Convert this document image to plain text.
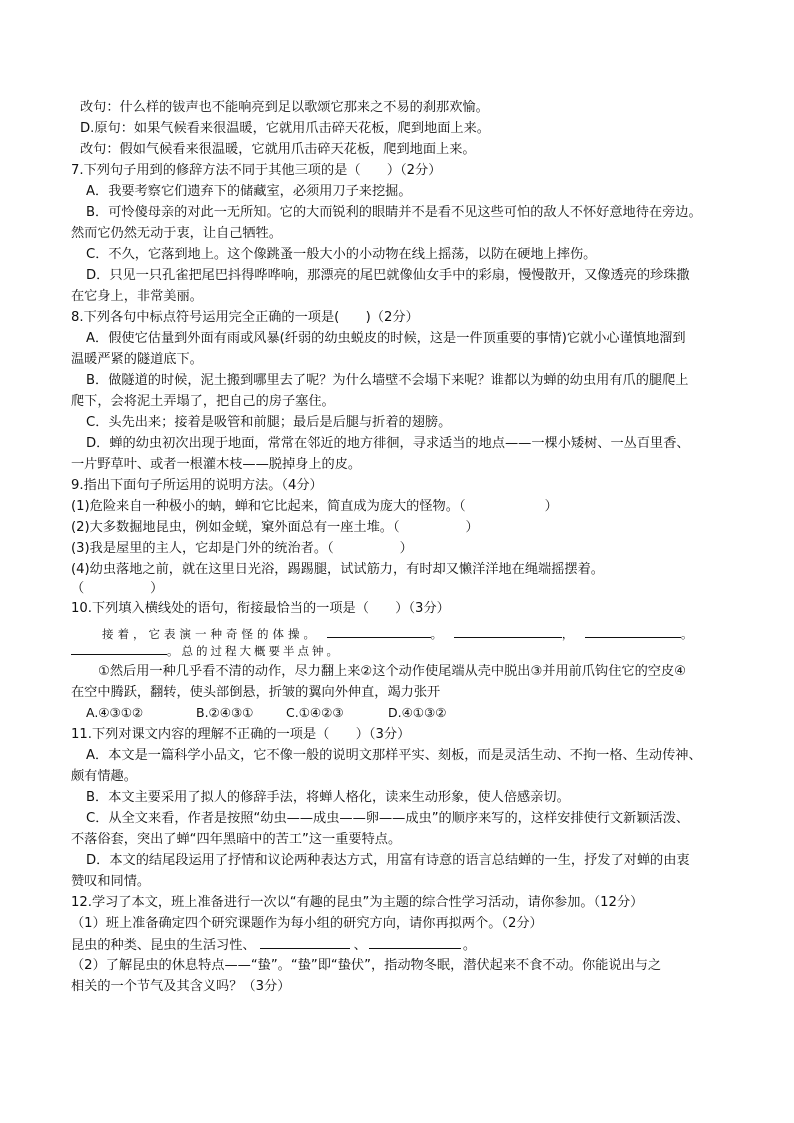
改句：什么样的钹声也不能响亮到足以歌颂它那来之不易的刹那欢愉。
D.原句：如果气候看来很温暖，它就用爪击碎天花板，爬到地面上来。
改句：假如气候看来很温暖，它就用爪击碎天花板，爬到地面上来。
7.下列句子用到的修辞方法不同于其他三项的是（　　）（2分）
A．我要考察它们遗弃下的储藏室，必须用刀子来挖掘。
B．可怜傻母亲的对此一无所知。它的大而锐利的眼睛并不是看不见这些可怕的敌人不怀好意地待在旁边。
然而它仍然无动于衷，让自己牺牲。
C．不久，它落到地上。这个像跳蚤一般大小的小动物在线上摇荡，以防在硬地上摔伤。
D．只见一只孔雀把尾巴抖得哗哗响，那漂亮的尾巴就像仙女手中的彩扇，慢慢散开，又像透亮的珍珠撒
在它身上，非常美丽。
8.下列各句中标点符号运用完全正确的一项是(　　)（2分）
A．假使它估量到外面有雨或风暴(纤弱的幼虫蜕皮的时候，这是一件顶重要的事情)它就小心谨慎地溜到
温暖严紧的隧道底下。
B．做隧道的时候，泥土搬到哪里去了呢？为什么墙壁不会塌下来呢？谁都以为蝉的幼虫用有爪的腿爬上
爬下，会将泥土弄塌了，把自己的房子塞住。
C．头先出来；接着是吸管和前腿；最后是后腿与折着的翅膀。
D．蝉的幼虫初次出现于地面，常常在邻近的地方徘徊，寻求适当的地点——一棵小矮树、一丛百里香、
一片野草叶、或者一根灌木枝——脱掉身上的皮。
9.指出下面句子所运用的说明方法。（4分）
(1)危险来自一种极小的蚋，蝉和它比起来，简直成为庞大的怪物。（　　　　　　）
(2)大多数掘地昆虫，例如金蜣，窠外面总有一座土堆。（　　　　　）
(3)我是屋里的主人，它却是门外的统治者。（　　　　　）
(4)幼虫落地之前，就在这里日光浴，踢踢腿，试试筋力，有时却又懒洋洋地在绳端摇摆着。
（　　　　　）
10.下列填入横线处的语句，衔接最恰当的一项是（　　）（3分）
接着，它表演一种奇怪的体操。	。	，	。
。总的过程大概要半点钟。
①然后用一种几乎看不清的动作，尽力翻上来②这个动作使尾端从壳中脱出③并用前爪钩住它的空皮④
在空中腾跃，翻转，使头部倒悬，折皱的翼向外伸直，竭力张开
A.④③①②	B.②④③①	C.①④②③	D.④①③②
11.下列对课文内容的理解不正确的一项是（　　）（3分）
A．本文是一篇科学小品文，它不像一般的说明文那样平实、刻板，而是灵活生动、不拘一格、生动传神、
颇有情趣。
B．本文主要采用了拟人的修辞手法，将蝉人格化，读来生动形象，使人倍感亲切。
C．从全文来看，作者是按照“幼虫——成虫——卵——成虫”的顺序来写的，这样安排使行文新颖活泼、
不落俗套，突出了蝉“四年黑暗中的苦工”这一重要特点。
D．本文的结尾段运用了抒情和议论两种表达方式，用富有诗意的语言总结蝉的一生，抒发了对蝉的由衷
赞叹和同情。
12.学习了本文，班上准备进行一次以“有趣的昆虫”为主题的综合性学习活动，请你参加。（12分）
（1）班上准备确定四个研究课题作为每小组的研究方向，请你再拟两个。（2分）
昆虫的种类、昆虫的生活习性、	、	。
（2）了解昆虫的休息特点——“蛰”。“蛰”即“蛰伏”，指动物冬眠，潜伏起来不食不动。你能说出与之
相关的一个节气及其含义吗？（3分）
